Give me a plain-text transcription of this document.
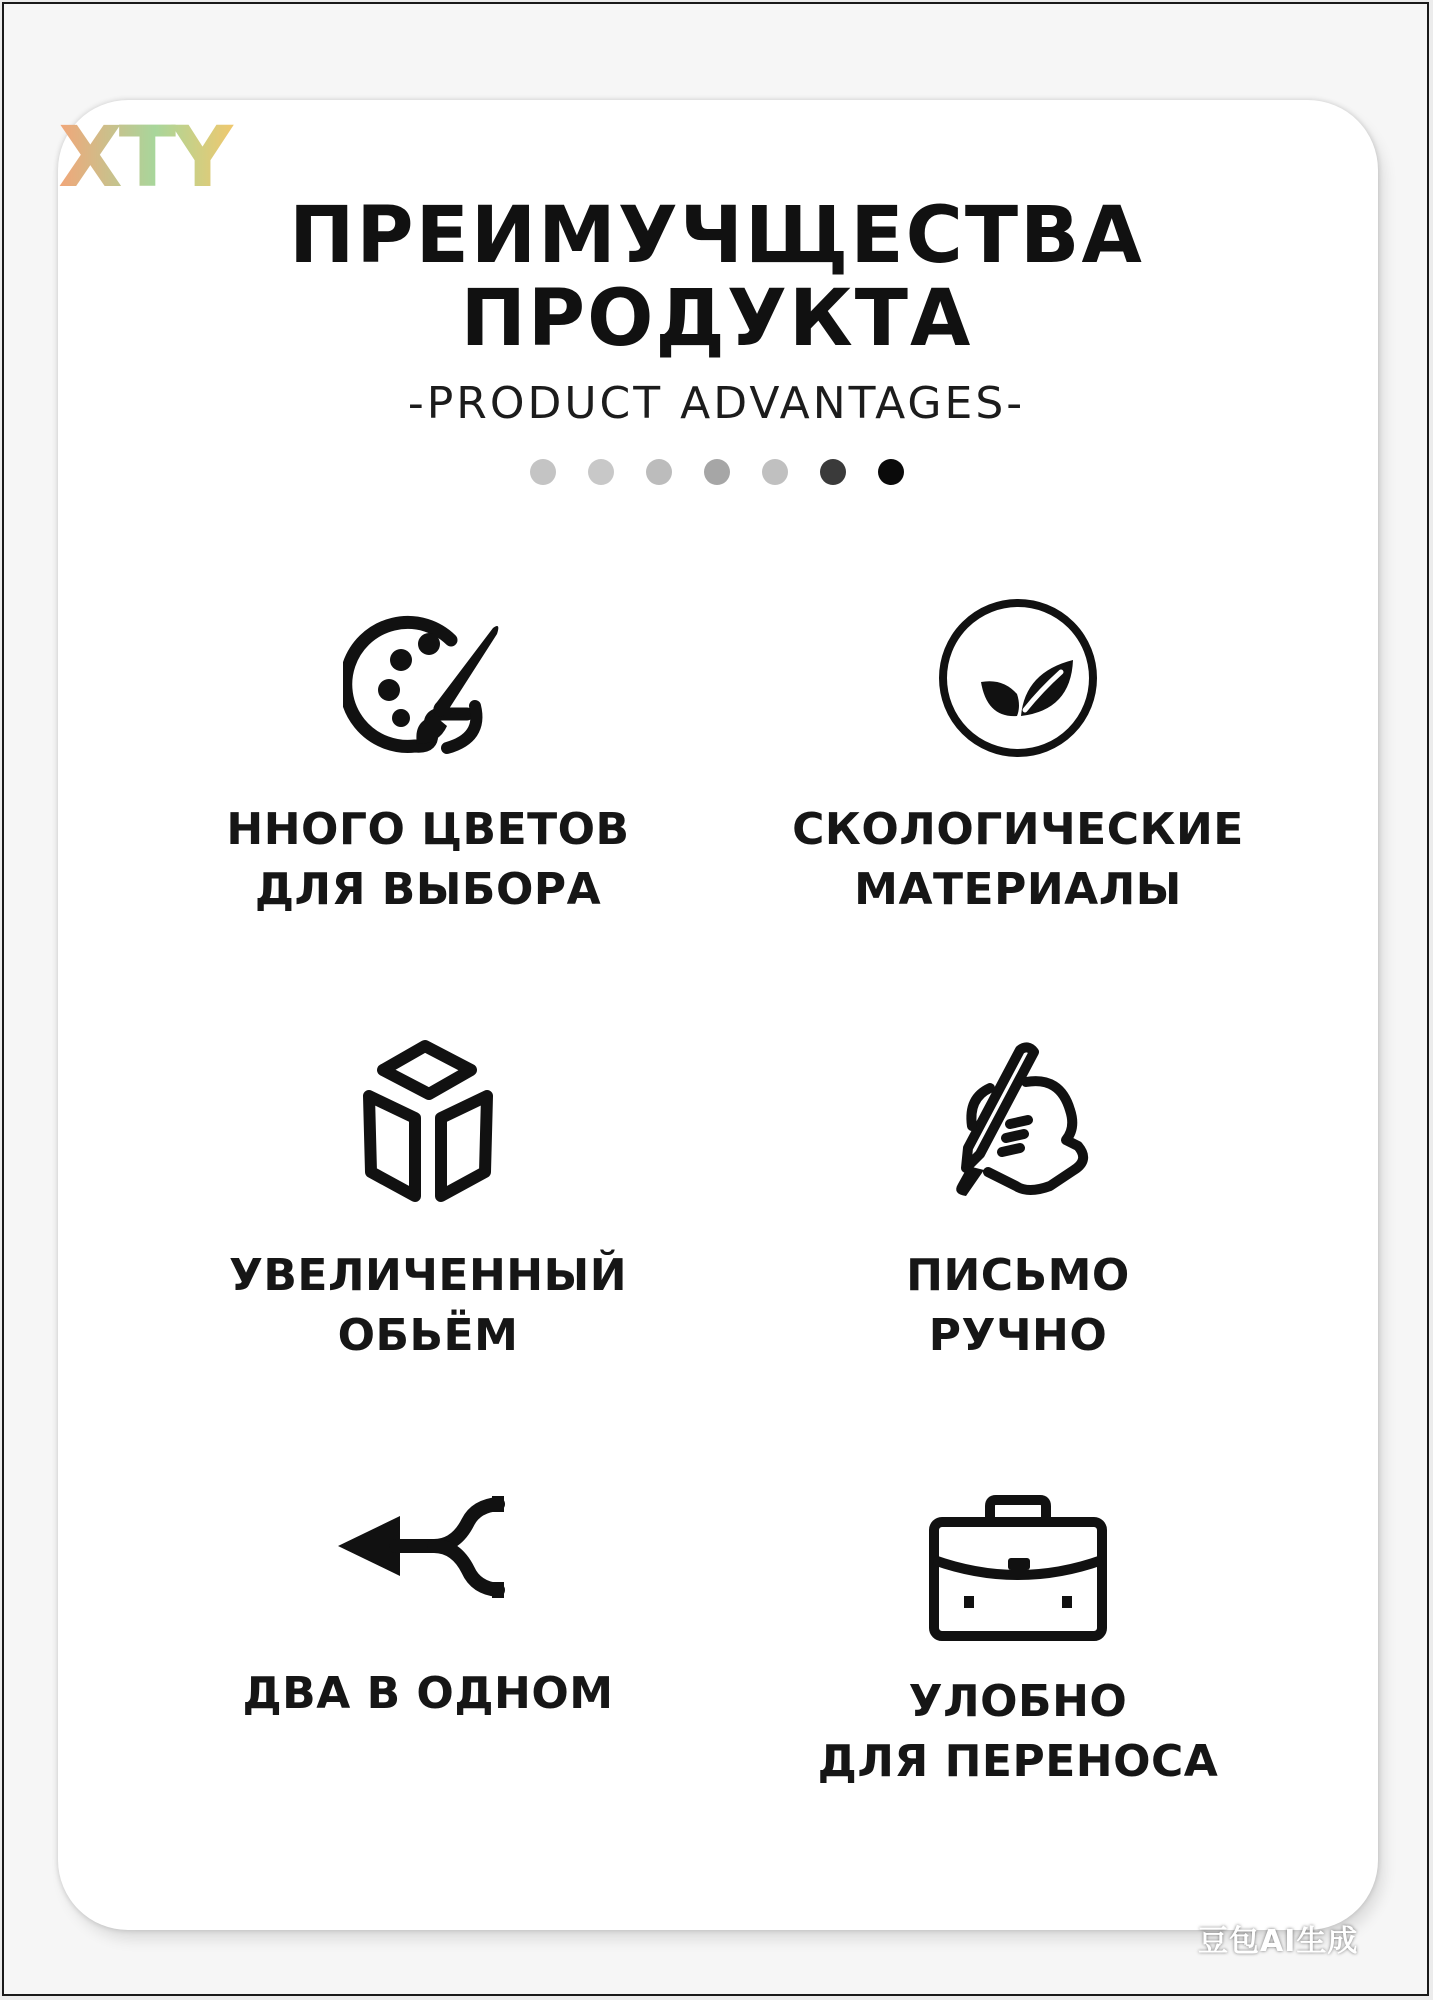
XTY
ПРЕИМУЧЩЕСТВА
ПРОДУКТА
-PRODUCT ADVANTAGES-
ННОГО ЦВЕТОВ
ДЛЯ ВЫБОРА
СКОЛОГИЧЕСКИЕ
МАТЕРИАЛЫ
УВЕЛИЧЕННЫЙ
ОБЬЁМ
ПИСЬМО
РУЧНО
ДВА В ОДНОМ	УЛОБНО
ДЛЯ ПЕРЕНОСА
豆包AI生成
